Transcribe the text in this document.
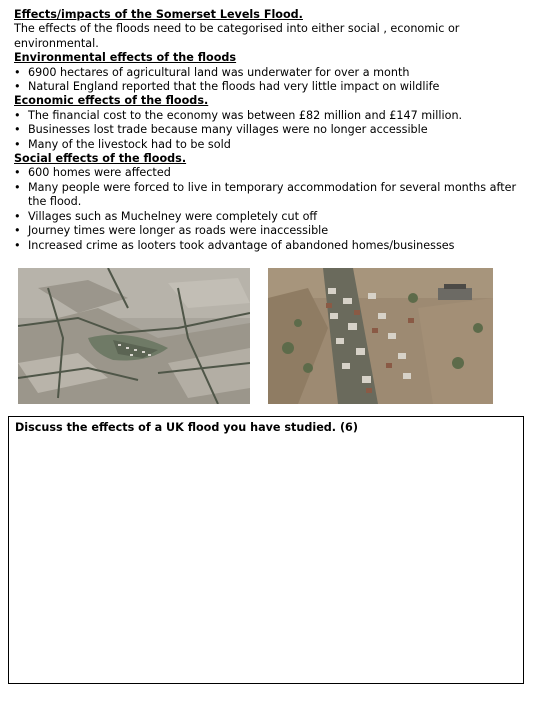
Effects/impacts of the Somerset Levels Flood.
The effects of the floods need to be categorised into either social , economic or environmental.
Environmental effects of the floods
• 6900 hectares of agricultural land was underwater for over a month
• Natural England reported that the floods had very little impact on wildlife
Economic effects of the floods.
• The financial cost to the economy was between £82 million and £147 million.
• Businesses lost trade because many villages were no longer accessible
• Many of the livestock had to be sold
Social effects of the floods.
• 600 homes were affected
• Many people were forced to live in temporary accommodation for several months after the flood.
• Villages such as Muchelney were completely cut off
• Journey times were longer as roads were inaccessible
• Increased crime as looters took advantage of abandoned homes/businesses
Discuss the effects of a UK flood you have studied. (6)
